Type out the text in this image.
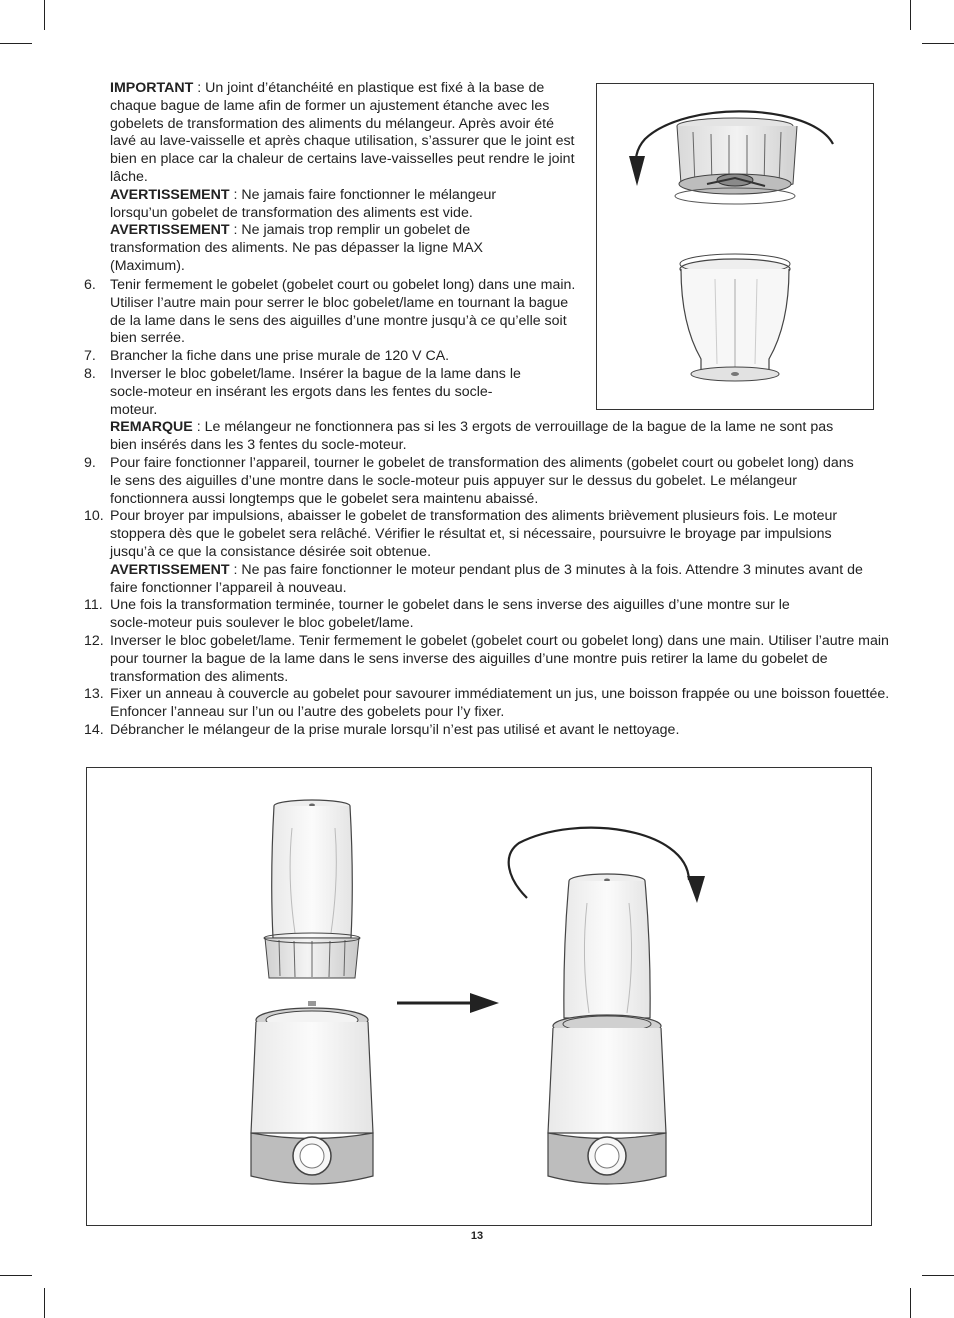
IMPORTANT : Un joint d’étanchéité en plastique est fixé à la base de chaque bague de lame afin de former un ajustement étanche avec les gobelets de transformation des aliments du mélangeur. Après avoir été lavé au lave-vaisselle et après chaque utilisation, s’assurer que le joint est bien en place car la chaleur de certains lave-vaisselles peut rendre le joint lâche.

AVERTISSEMENT : Ne jamais faire fonctionner le mélangeur lorsqu’un gobelet de transformation des aliments est vide.

AVERTISSEMENT : Ne jamais trop remplir un gobelet de transformation des aliments. Ne pas dépasser la ligne MAX (Maximum).

6. Tenir fermement le gobelet (gobelet court ou gobelet long) dans une main. Utiliser l’autre main pour serrer le bloc gobelet/lame en tournant la bague de la lame dans le sens des aiguilles d’une montre jusqu’à ce qu’elle soit bien serrée.
7. Brancher la fiche dans une prise murale de 120 V CA.
8. Inverser le bloc gobelet/lame. Insérer la bague de la lame dans le socle-moteur en insérant les ergots dans les fentes du socle-moteur.
REMARQUE : Le mélangeur ne fonctionnera pas si les 3 ergots de verrouillage de la bague de la lame ne sont pas bien insérés dans les 3 fentes du socle-moteur.
9. Pour faire fonctionner l’appareil, tourner le gobelet de transformation des aliments (gobelet court ou gobelet long) dans le sens des aiguilles d’une montre dans le socle-moteur puis appuyer sur le dessus du gobelet. Le mélangeur fonctionnera aussi longtemps que le gobelet sera maintenu abaissé.
10. Pour broyer par impulsions, abaisser le gobelet de transformation des aliments brièvement plusieurs fois. Le moteur stoppera dès que le gobelet sera relâché. Vérifier le résultat et, si nécessaire, poursuivre le broyage par impulsions jusqu’à ce que la consistance désirée soit obtenue.
AVERTISSEMENT : Ne pas faire fonctionner le moteur pendant plus de 3 minutes à la fois. Attendre 3 minutes avant de faire fonctionner l’appareil à nouveau.
11. Une fois la transformation terminée, tourner le gobelet dans le sens inverse des aiguilles d’une montre sur le socle-moteur puis soulever le bloc gobelet/lame.
12. Inverser le bloc gobelet/lame. Tenir fermement le gobelet (gobelet court ou gobelet long) dans une main. Utiliser l’autre main pour tourner la bague de la lame dans le sens inverse des aiguilles d’une montre puis retirer la lame du gobelet de transformation des aliments.
13. Fixer un anneau à couvercle au gobelet pour savourer immédiatement un jus, une boisson frappée ou une boisson fouettée. Enfoncer l’anneau sur l’un ou l’autre des gobelets pour l’y fixer.
14. Débrancher le mélangeur de la prise murale lorsqu’il n’est pas utilisé et avant le nettoyage.
13
